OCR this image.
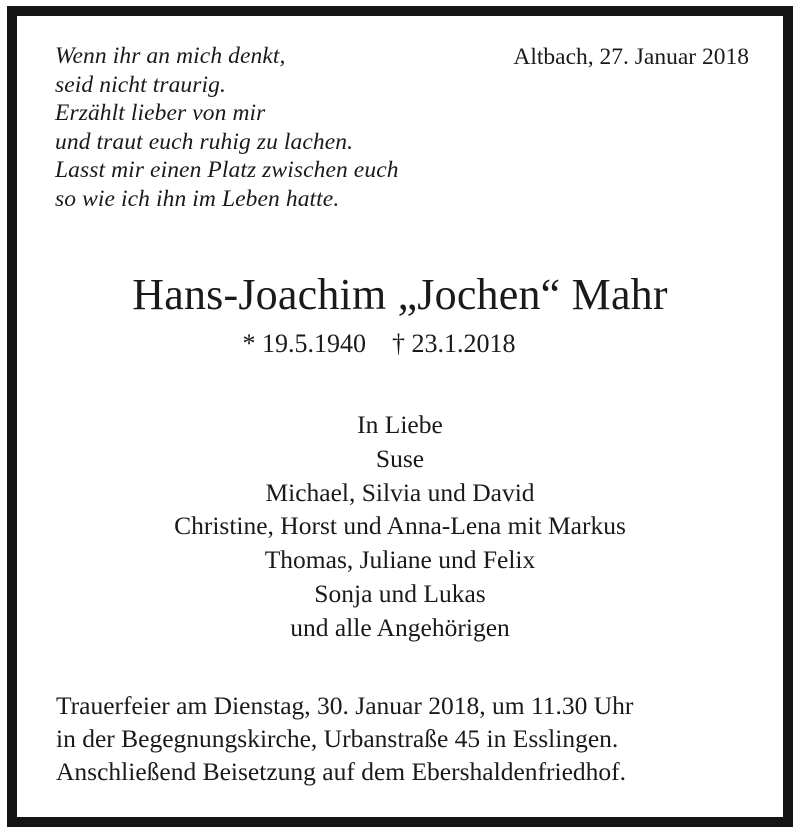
Wenn ihr an mich denkt,
seid nicht traurig.
Erzählt lieber von mir
und traut euch ruhig zu lachen.
Lasst mir einen Platz zwischen euch
so wie ich ihn im Leben hatte.
Altbach, 27. Januar 2018
Hans-Joachim „Jochen“ Mahr
* 19.5.1940 † 23.1.2018
In Liebe
Suse
Michael, Silvia und David
Christine, Horst und Anna-Lena mit Markus
Thomas, Juliane und Felix
Sonja und Lukas
und alle Angehörigen
Trauerfeier am Dienstag, 30. Januar 2018, um 11.30 Uhr
in der Begegnungskirche, Urbanstraße 45 in Esslingen.
Anschließend Beisetzung auf dem Ebershaldenfriedhof.
